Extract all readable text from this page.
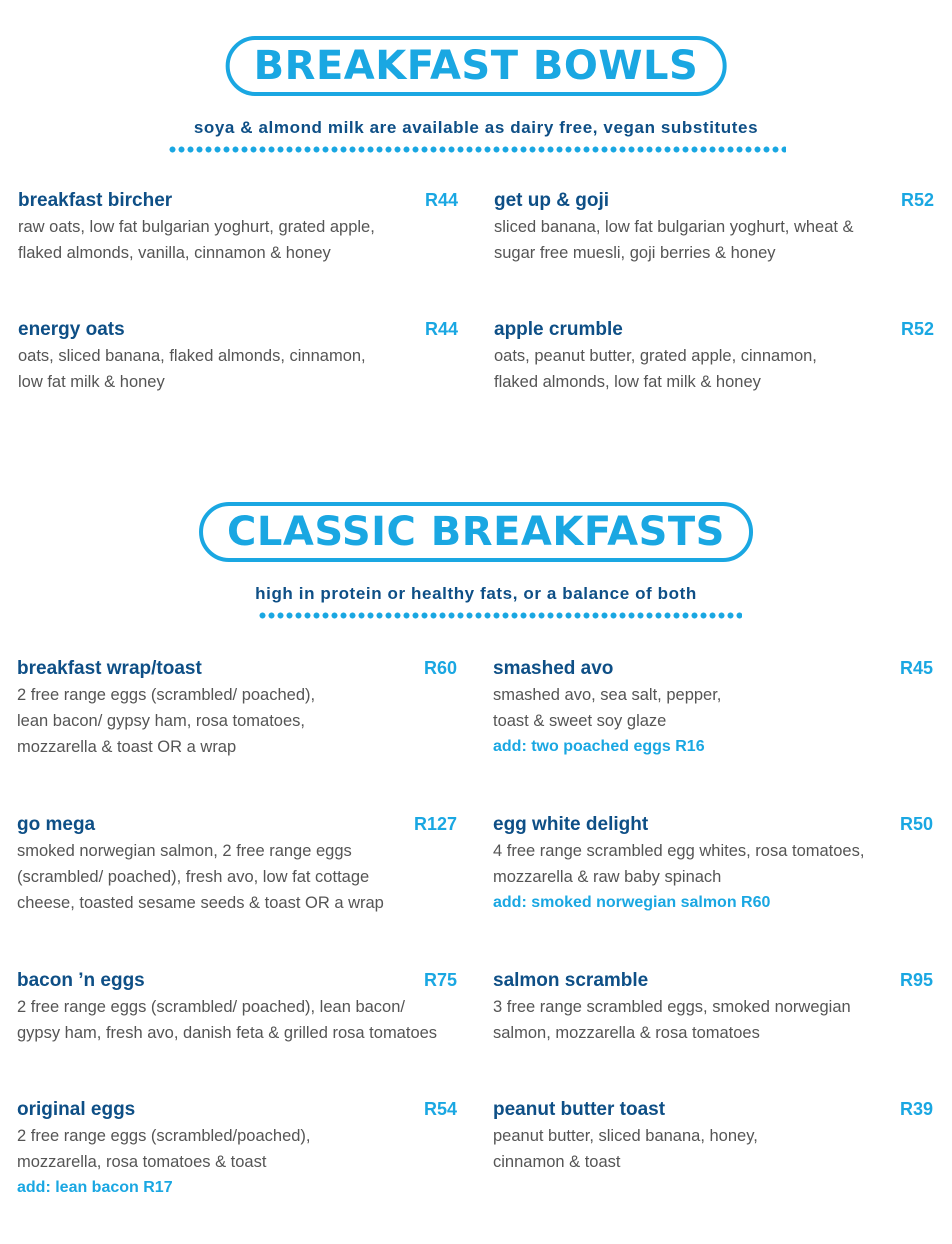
BREAKFAST BOWLS
soya & almond milk are available as dairy free, vegan substitutes
CLASSIC BREAKFASTS
high in protein or healthy fats, or a balance of both
breakfast bircher	R44
raw oats, low fat bulgarian yoghurt, grated apple,
flaked almonds, vanilla, cinnamon & honey
get up & goji	R52
sliced banana, low fat bulgarian yoghurt, wheat &
sugar free muesli, goji berries & honey
energy oats	R44
oats, sliced banana, flaked almonds, cinnamon,
low fat milk & honey
apple crumble	R52
oats, peanut butter, grated apple, cinnamon,
flaked almonds, low fat milk & honey
breakfast wrap/toast	R60
2 free range eggs (scrambled/ poached),
lean bacon/ gypsy ham, rosa tomatoes,
mozzarella & toast OR a wrap
smashed avo	R45
smashed avo, sea salt, pepper,
toast & sweet soy glaze
add: two poached eggs R16
go mega	R127
smoked norwegian salmon, 2 free range eggs
(scrambled/ poached), fresh avo, low fat cottage
cheese, toasted sesame seeds & toast OR a wrap
egg white delight	R50
4 free range scrambled egg whites, rosa tomatoes,
mozzarella & raw baby spinach
add: smoked norwegian salmon R60
bacon ’n eggs	R75
2 free range eggs (scrambled/ poached), lean bacon/
gypsy ham, fresh avo, danish feta & grilled rosa tomatoes
salmon scramble	R95
3 free range scrambled eggs, smoked norwegian
salmon, mozzarella & rosa tomatoes
original eggs	R54
2 free range eggs (scrambled/poached),
mozzarella, rosa tomatoes & toast
add: lean bacon R17
peanut butter toast	R39
peanut butter, sliced banana, honey,
cinnamon & toast
